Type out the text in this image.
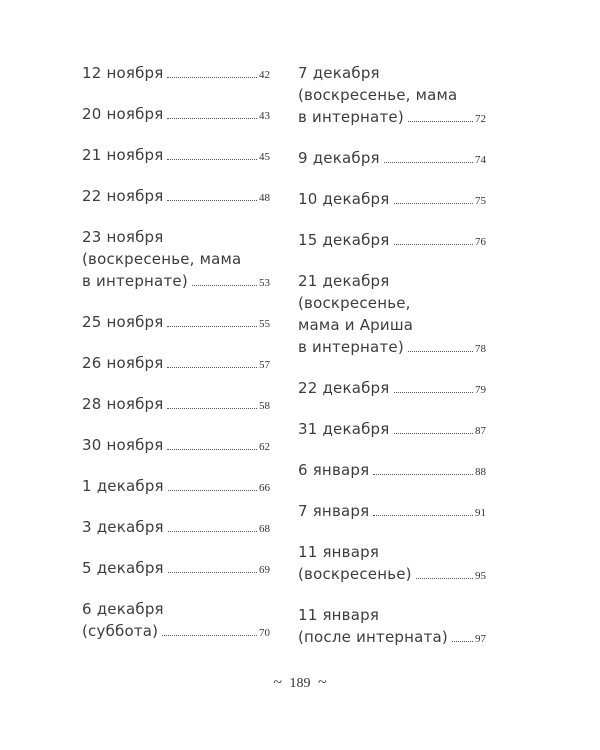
12 ноября	42
20 ноября	43
21 ноября	45
22 ноября	48
23 ноября
(воскресенье, мама
в интернате)	53
25 ноября	55
26 ноября	57
28 ноября	58
30 ноября	62
1 декабря	66
3 декабря	68
5 декабря	69
6 декабря
(суббота)	70
7 декабря
(воскресенье, мама
в интернате)	72
9 декабря	74
10 декабря	75
15 декабря	76
21 декабря
(воскресенье,
мама и Ариша
в интернате)	78
22 декабря	79
31 декабря	87
6 января	88
7 января	91
11 января
(воскресенье)	95
11 января
(после интерната) 97
~ 189 ~
